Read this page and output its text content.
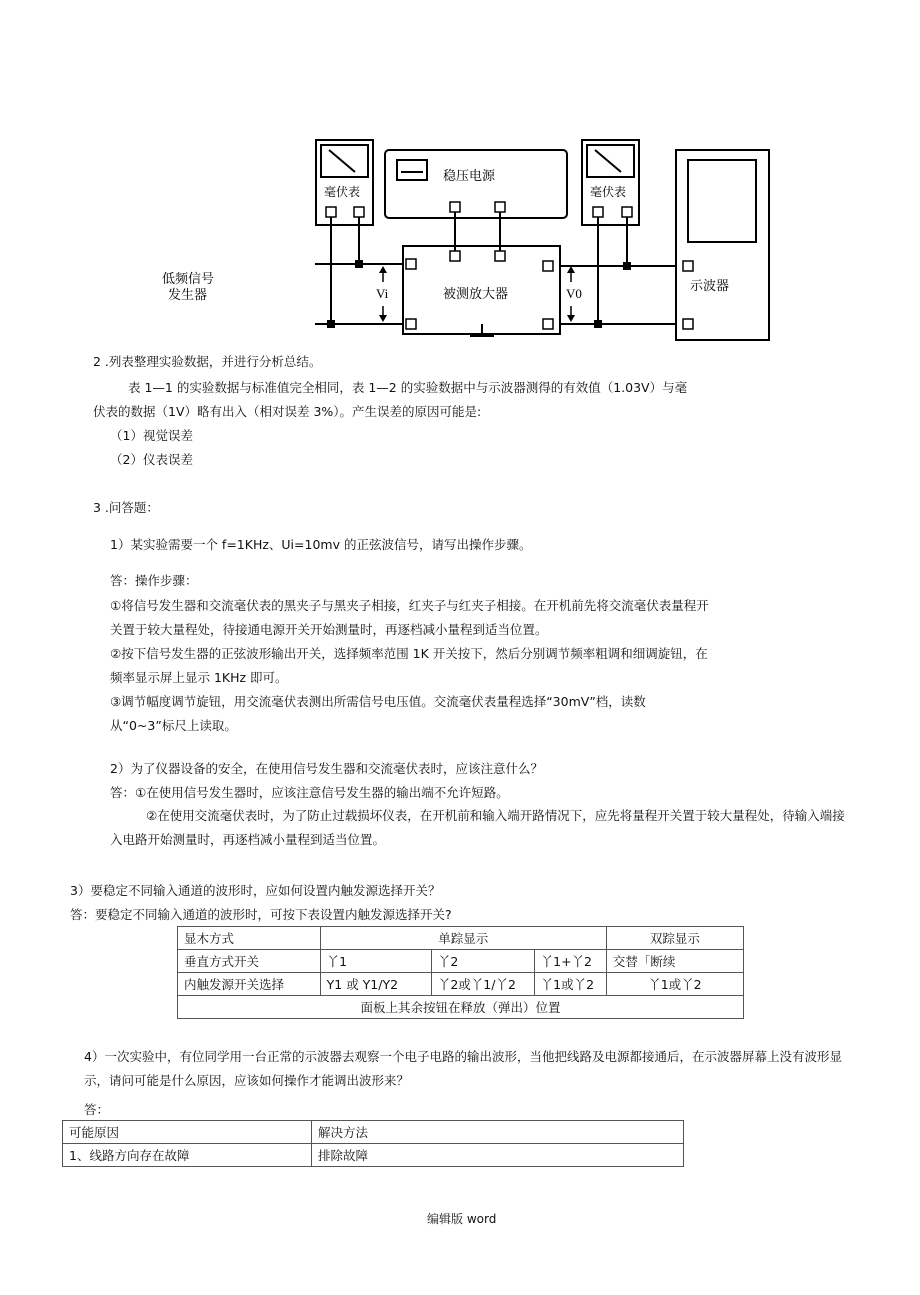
毫伏表
稳压电源
毫伏表
低频信号
发生器	被测放大器
示波器
Vi	V0
2 .列表整理实验数据，并进行分析总结。
表 1—1 的实验数据与标准值完全相同，表 1—2 的实验数据中与示波器测得的有效值（1.03V）与毫
伏表的数据（1V）略有出入（相对误差 3%）。产生误差的原因可能是:
（1）视觉误差
（2）仪表误差
3 .问答题：
1）某实验需要一个 f=1KHz、Ui=10mv 的正弦波信号，请写出操作步骤。
答：操作步骤：
①将信号发生器和交流毫伏表的黑夹子与黑夹子相接，红夹子与红夹子相接。在开机前先将交流毫伏表量程开关置于较大量程处，待接通电源开关开始测量时，再逐档减小量程到适当位置。
②按下信号发生器的正弦波形输出开关，选择频率范围 1K 开关按下，然后分别调节频率粗调和细调旋钮，在频率显示屏上显示 1KHz 即可。
③调节幅度调节旋钮，用交流毫伏表测出所需信号电压值。交流毫伏表量程选择“30mV”档，读数从“0~3”标尺上读取。
2）为了仪器设备的安全，在使用信号发生器和交流毫伏表时，应该注意什么？
答：①在使用信号发生器时，应该注意信号发生器的输出端不允许短路。
②在使用交流毫伏表时，为了防止过载损坏仪表，在开机前和输入端开路情况下，应先将量程开关置于较大量程处，待输入端接入电路开始测量时，再逐档减小量程到适当位置。
3）要稳定不同输入通道的波形时，应如何设置内触发源选择开关？
答：要稳定不同输入通道的波形时，可按下表设置内触发源选择开关?
显木方式	单踪显示			双踪显示
垂直方式开关	丫1	丫2	丫1+丫2	交替「断续
内触发源开关选择	Y1 或 Y1/Y2	丫2或丫1/丫2	丫1或丫2	丫1或丫2
面板上其余按钮在释放（弹出）位置				
4）一次实验中，有位同学用一台正常的示波器去观察一个电子电路的输出波形，当他把线路及电源都接通后，在示波器屏幕上没有波形显示，请问可能是什么原因，应该如何操作才能调出波形来？
答：
可能原因	解决方法
1、线路方向存在故障	排除故障
编辑版 word
